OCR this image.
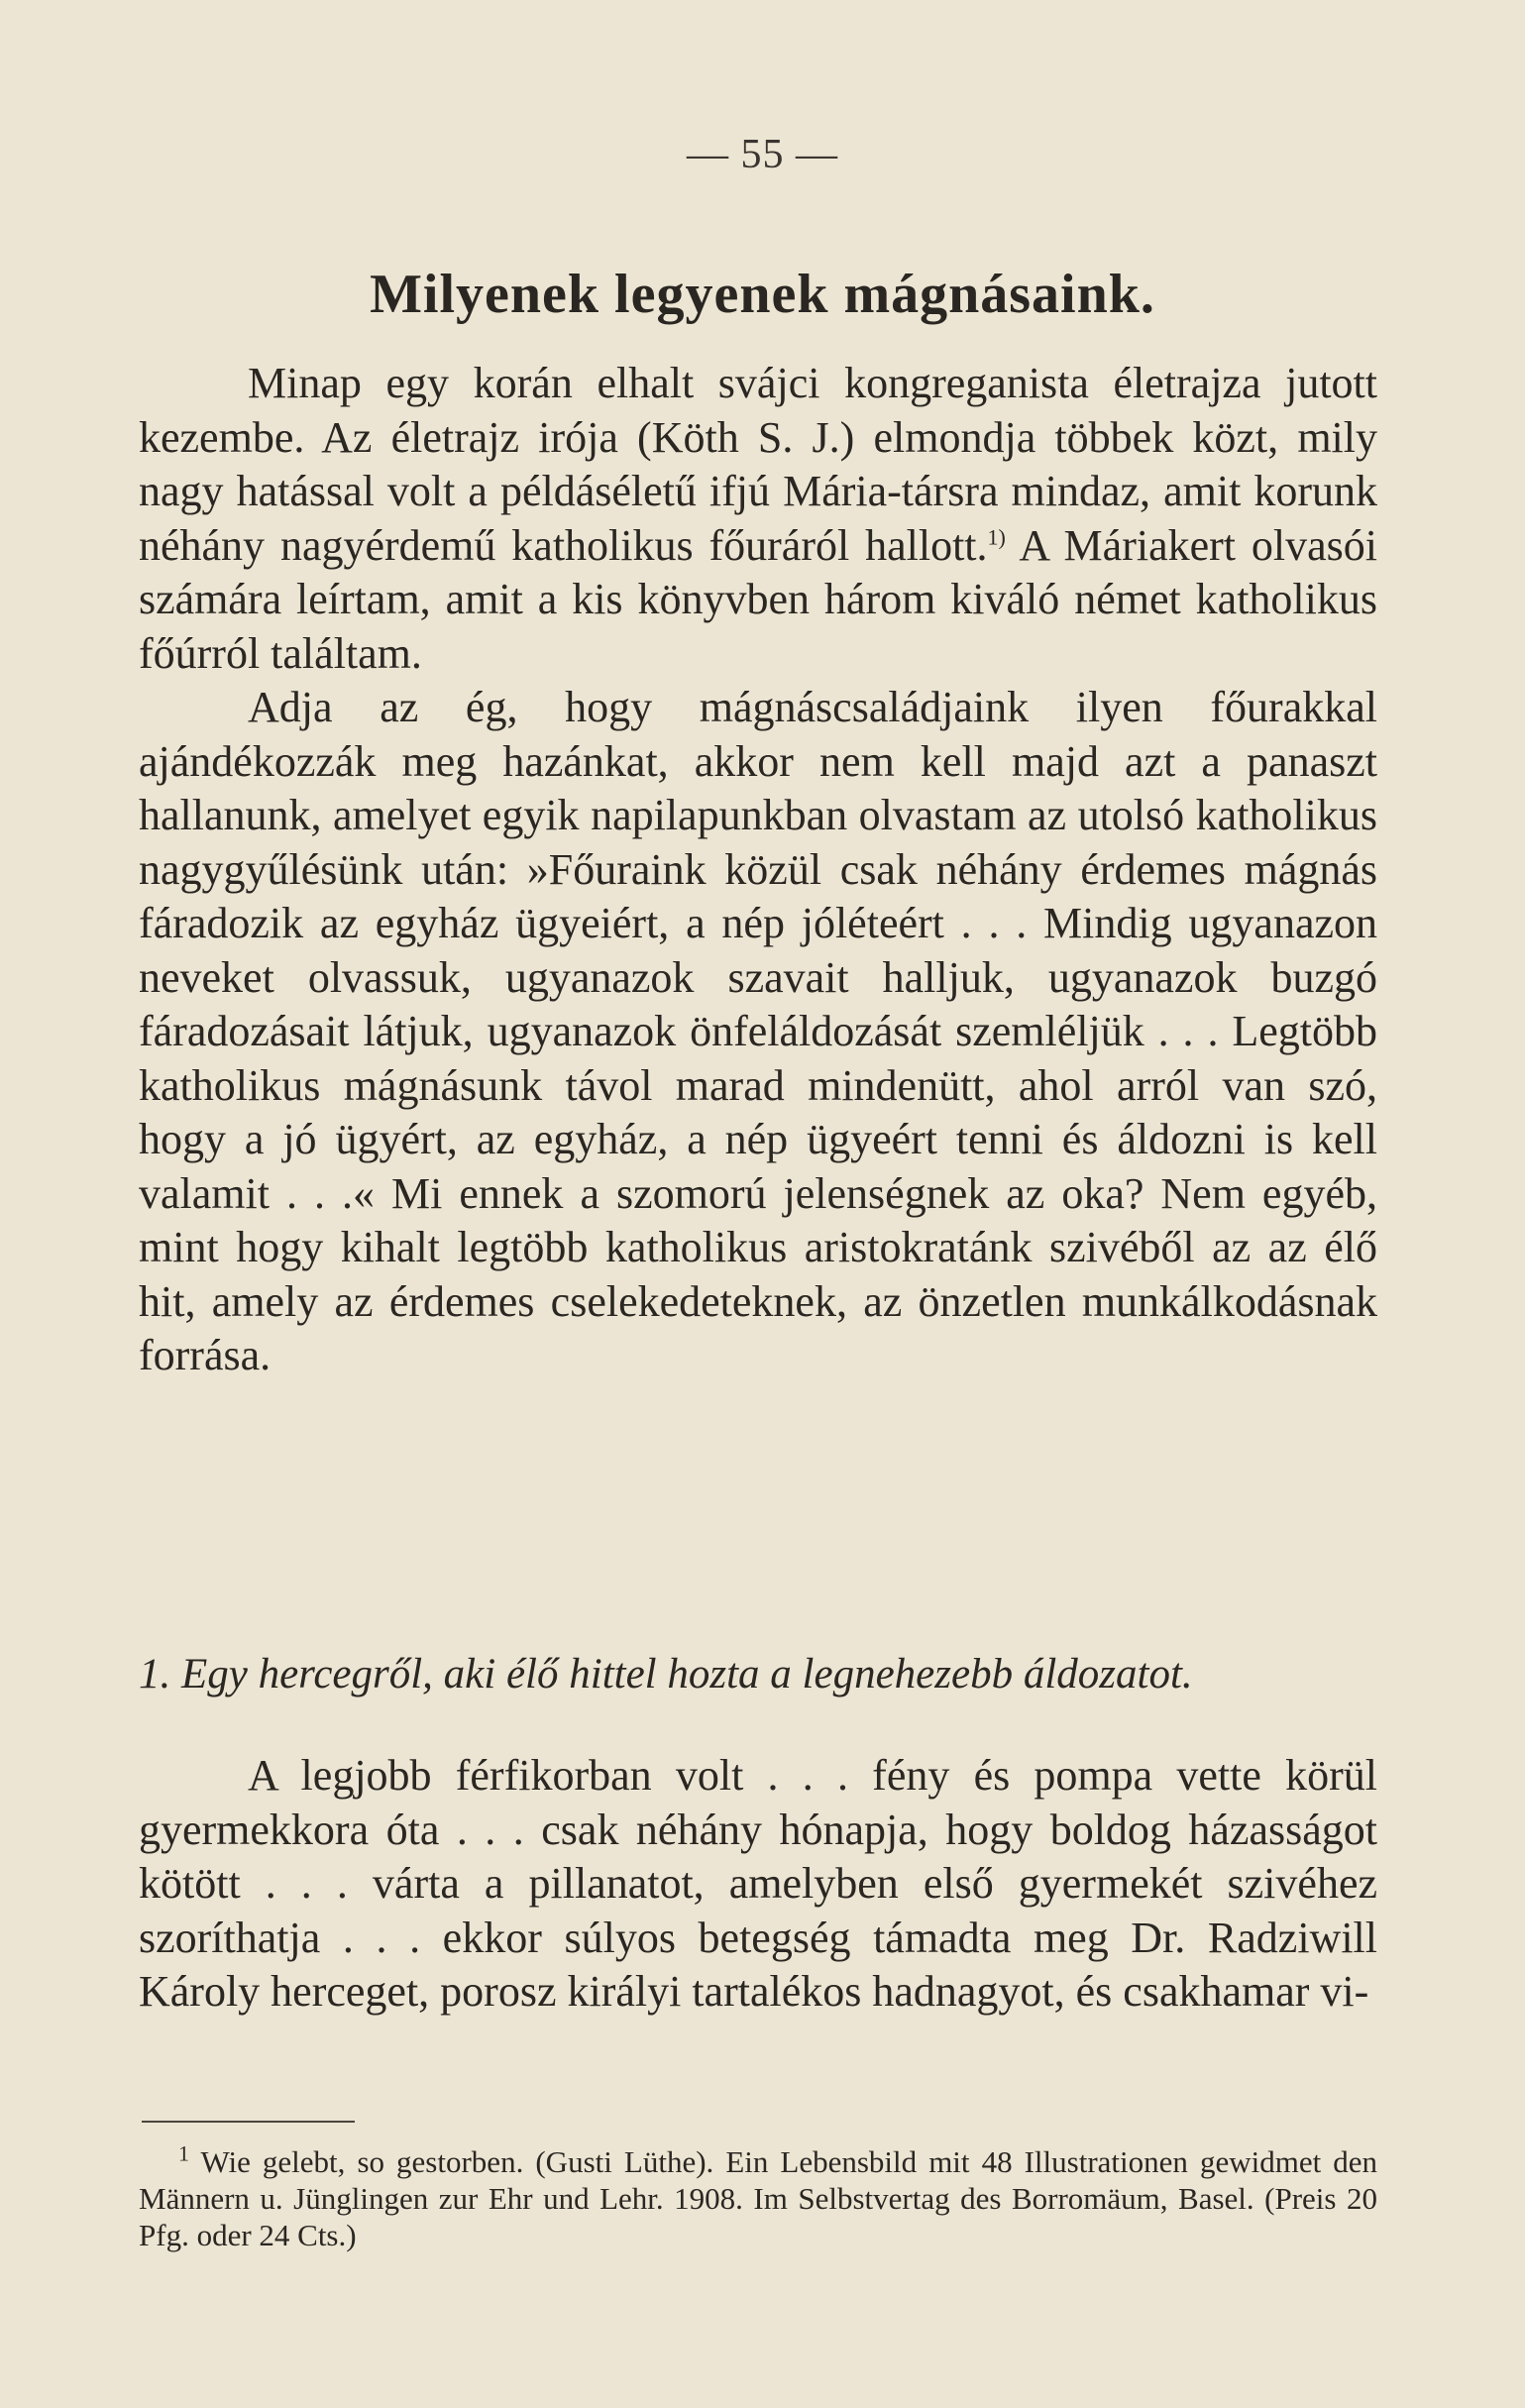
— 55 —
Milyenek legyenek mágnásaink.

Minap egy korán elhalt svájci kongreganista életrajza jutott kezembe. Az életrajz irója (Köth S. J.) elmondja többek közt, mily nagy hatással volt a példáséletű ifjú Mária-társra mindaz, amit korunk néhány nagyérdemű katholikus főuráról hallott.$^{1)}$ A Máriakert olvasói számára leírtam, amit a kis könyvben három kiváló német katholikus főúrról találtam.

Adja az ég, hogy mágnáscsaládjaink ilyen főurakkal ajándékozzák meg hazánkat, akkor nem kell majd azt a panaszt hallanunk, amelyet egyik napilapunkban olvastam az utolsó katholikus nagygyűlésünk után: »Főuraink közül csak néhány érdemes mágnás fáradozik az egyház ügyeiért, a nép jóléteért . . . Mindig ugyanazon neveket olvassuk, ugyanazok szavait halljuk, ugyanazok buzgó fáradozásait látjuk, ugyanazok önfeláldozását szemléljük . . . Legtöbb katholikus mágnásunk távol marad mindenütt, ahol arról van szó, hogy a jó ügyért, az egyház, a nép ügyeért tenni és áldozni is kell valamit . . .« Mi ennek a szomorú jelenségnek az oka? Nem egyéb, mint hogy kihalt legtöbb katholikus aristokratánk szivéből az az élő hit, amely az érdemes cselekedeteknek, az önzetlen munkálkodásnak forrása.

1. Egy hercegről, aki élő hittel hozta a legnehezebb áldozatot.

A legjobb férfikorban volt . . . fény és pompa vette körül gyermekkora óta . . . csak néhány hónapja, hogy boldog házasságot kötött . . . várta a pillanatot, amelyben első gyermekét szivéhez szoríthatja . . . ekkor súlyos betegség támadta meg Dr. Radziwill Károly herceget, porosz királyi tartalékos hadnagyot, és csakhamar vi-

$^1$ Wie gelebt, so gestorben. (Gusti Lüthe). Ein Lebensbild mit 48 Illustrationen gewidmet den Männern u. Jünglingen zur Ehr und Lehr. 1908. Im Selbstvertag des Borromäum, Basel. (Preis 20 Pfg. oder 24 Cts.)
